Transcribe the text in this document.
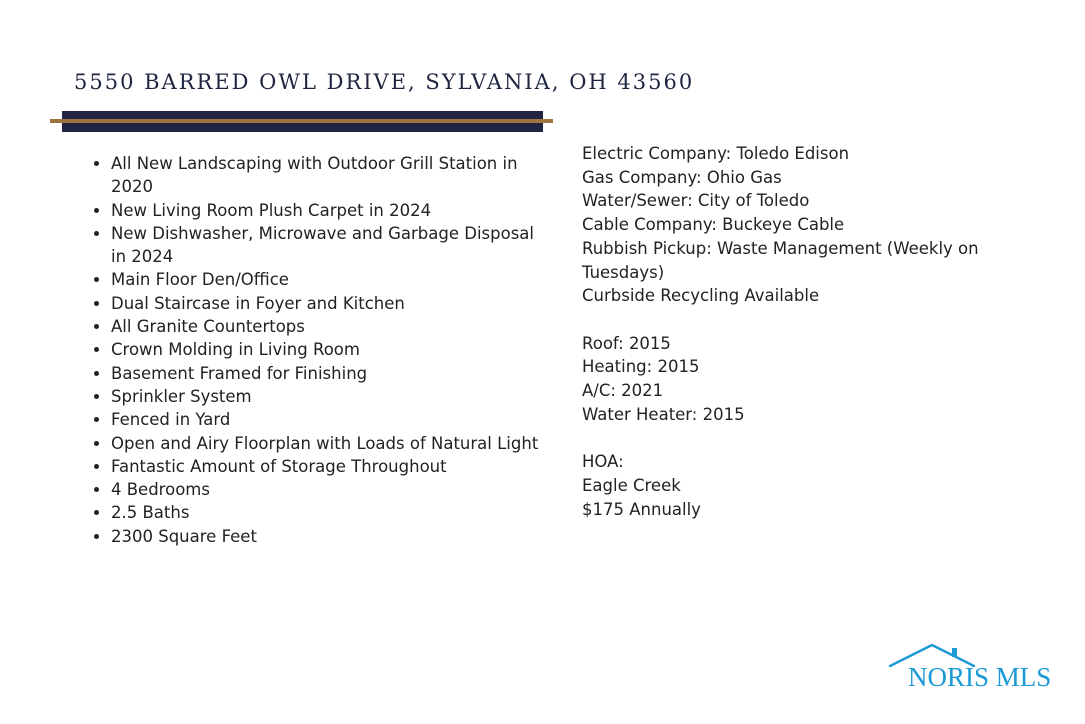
5550 BARRED OWL DRIVE, SYLVANIA, OH 43560
• All New Landscaping with Outdoor Grill Station in 2020
• New Living Room Plush Carpet in 2024
• New Dishwasher, Microwave and Garbage Disposal in 2024
• Main Floor Den/Office
• Dual Staircase in Foyer and Kitchen
• All Granite Countertops
• Crown Molding in Living Room
• Basement Framed for Finishing
• Sprinkler System
• Fenced in Yard
• Open and Airy Floorplan with Loads of Natural Light
• Fantastic Amount of Storage Throughout
• 4 Bedrooms
• 2.5 Baths
• 2300 Square Feet
Electric Company: Toledo Edison
Gas Company: Ohio Gas
Water/Sewer: City of Toledo
Cable Company: Buckeye Cable
Rubbish Pickup: Waste Management (Weekly on Tuesdays)
Curbside Recycling Available
Roof: 2015
Heating: 2015
A/C: 2021
Water Heater: 2015
HOA:
Eagle Creek
$175 Annually
NORIS MLS
